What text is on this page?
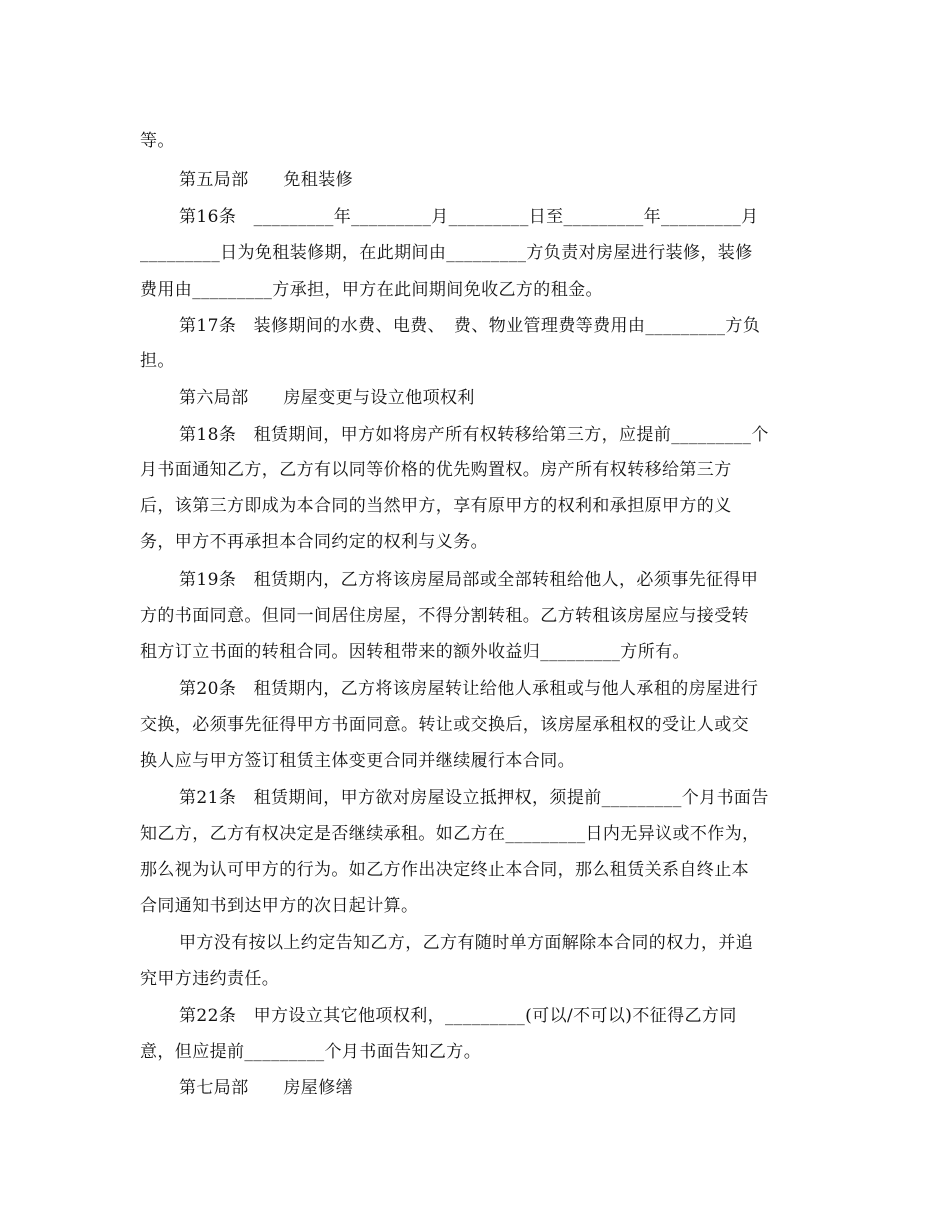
等。
第五局部　　免租装修
第16条　_________年_________月_________日至_________年_________月
_________日为免租装修期，在此期间由_________方负责对房屋进行装修，装修
费用由_________方承担，甲方在此间期间免收乙方的租金。
第17条　装修期间的水费、电费、　费、物业管理费等费用由_________方负
担。
第六局部　　房屋变更与设立他项权利
第18条　租赁期间，甲方如将房产所有权转移给第三方，应提前_________个
月书面通知乙方，乙方有以同等价格的优先购置权。房产所有权转移给第三方
后，该第三方即成为本合同的当然甲方，享有原甲方的权利和承担原甲方的义
务，甲方不再承担本合同约定的权利与义务。
第19条　租赁期内，乙方将该房屋局部或全部转租给他人，必须事先征得甲
方的书面同意。但同一间居住房屋，不得分割转租。乙方转租该房屋应与接受转
租方订立书面的转租合同。因转租带来的额外收益归_________方所有。
第20条　租赁期内，乙方将该房屋转让给他人承租或与他人承租的房屋进行
交换，必须事先征得甲方书面同意。转让或交换后，该房屋承租权的受让人或交
换人应与甲方签订租赁主体变更合同并继续履行本合同。
第21条　租赁期间，甲方欲对房屋设立抵押权，须提前_________个月书面告
知乙方，乙方有权决定是否继续承租。如乙方在_________日内无异议或不作为，
那么视为认可甲方的行为。如乙方作出决定终止本合同，那么租赁关系自终止本
合同通知书到达甲方的次日起计算。
甲方没有按以上约定告知乙方，乙方有随时单方面解除本合同的权力，并追
究甲方违约责任。
第22条　甲方设立其它他项权利，_________(可以/不可以)不征得乙方同
意，但应提前_________个月书面告知乙方。
第七局部　　房屋修缮
